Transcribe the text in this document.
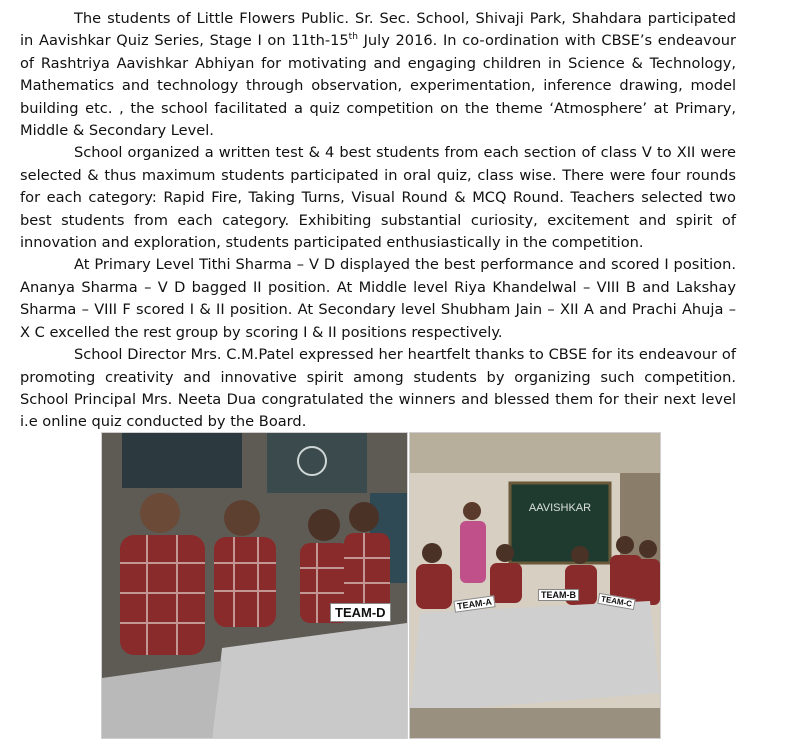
The students of Little Flowers Public. Sr. Sec. School, Shivaji Park, Shahdara participated in Aavishkar Quiz Series, Stage I on 11th-15th July 2016. In co-ordination with CBSE’s endeavour of Rashtriya Aavishkar Abhiyan for motivating and engaging children in Science & Technology, Mathematics and technology through observation, experimentation, inference drawing, model building etc. , the school facilitated a quiz competition on the theme ‘Atmosphere’ at Primary, Middle & Secondary Level.

School organized a written test & 4 best students from each section of class V to XII were selected & thus maximum students participated in oral quiz, class wise. There were four rounds for each category: Rapid Fire, Taking Turns, Visual Round & MCQ Round. Teachers selected two best students from each category. Exhibiting substantial curiosity, excitement and spirit of innovation and exploration, students participated enthusiastically in the competition.

At Primary Level Tithi Sharma – V D displayed the best performance and scored I position. Ananya Sharma – V D bagged II position. At Middle level Riya Khandelwal – VIII B and Lakshay Sharma – VIII F scored I & II position. At Secondary level Shubham Jain – XII A and Prachi Ahuja – X C excelled the rest group by scoring I & II positions respectively.

School Director Mrs. C.M.Patel expressed her heartfelt thanks to CBSE for its endeavour of promoting creativity and innovative spirit among students by organizing such competition. School Principal Mrs. Neeta Dua congratulated the winners and blessed them for their next level i.e online quiz conducted by the Board.

TEAM-D
AAVISHKAR
TEAM-A
TEAM-B	TEAM-C
